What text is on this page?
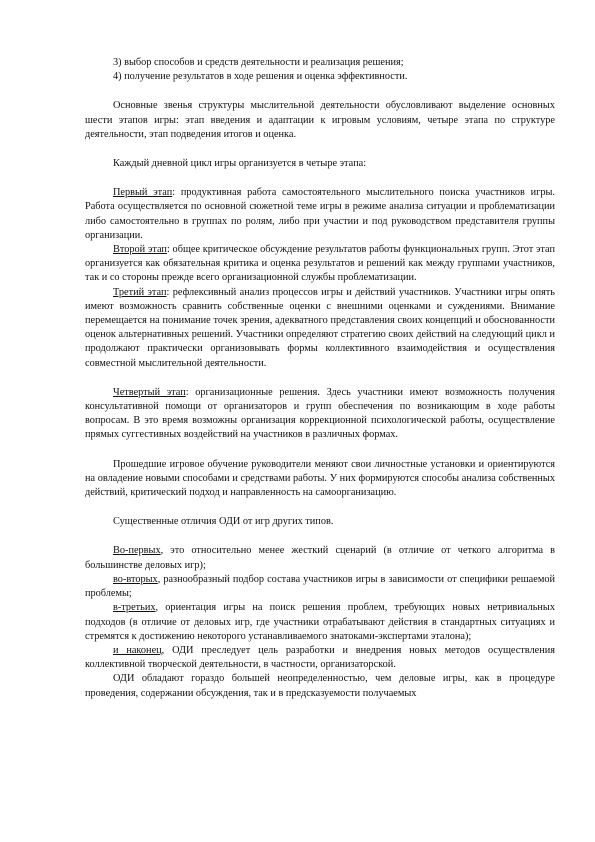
3) выбор способов и средств деятельности и реализация решения;

4) получение результатов в ходе решения и оценка эффективности.

Основные звенья структуры мыслительной деятельности обусловливают выделение основных шести этапов игры: этап введения и адаптации к игровым условиям, четыре этапа по структуре деятельности, этап подведения итогов и оценка.

Каждый дневной цикл игры организуется в четыре этапа:

Первый этап: продуктивная работа самостоятельного мыслительного поиска участников игры. Работа осуществляется по основной сюжетной теме игры в режиме анализа ситуации и проблематизации либо самостоятельно в группах по ролям, либо при участии и под руководством представителя группы организации.

Второй этап: общее критическое обсуждение результатов работы функциональных групп. Этот этап организуется как обязательная критика и оценка результатов и решений как между группами участников, так и со стороны прежде всего организационной службы проблематизации.

Третий этап: рефлексивный анализ процессов игры и действий участников. Участники игры опять имеют возможность сравнить собственные оценки с внешними оценками и суждениями. Внимание перемещается на понимание точек зрения, адекватного представления своих концепций и обоснованности оценок альтернативных решений. Участники определяют стратегию своих действий на следующий цикл и продолжают практически организовывать формы коллективного взаимодействия и осуществления совместной мыслительной деятельности.

Четвертый этап: организационные решения. Здесь участники имеют возможность получения консультативной помощи от организаторов и групп обеспечения по возникающим в ходе работы вопросам. В это время возможны организация коррекционной психологической работы, осуществление прямых суггестивных воздействий на участников в различных формах.

Прошедшие игровое обучение руководители меняют свои личностные установки и ориентируются на овладение новыми способами и средствами работы. У них формируются способы анализа собственных действий, критический подход и направленность на самоорганизацию.

Существенные отличия ОДИ от игр других типов.

Во-первых, это относительно менее жесткий сценарий (в отличие от четкого алгоритма в большинстве деловых игр);

во-вторых, разнообразный подбор состава участников игры в зависимости от специфики решаемой проблемы;

в-третьих, ориентация игры на поиск решения проблем, требующих новых нетривиальных подходов (в отличие от деловых игр, где участники отрабатывают действия в стандартных ситуациях и стремятся к достижению некоторого устанавливаемого знатоками-экспертами эталона);

и наконец, ОДИ преследует цель разработки и внедрения новых методов осуществления коллективной творческой деятельности, в частности, организаторской.

ОДИ обладают гораздо большей неопределенностью, чем деловые игры, как в процедуре проведения, содержании обсуждения, так и в предсказуемости получаемых
